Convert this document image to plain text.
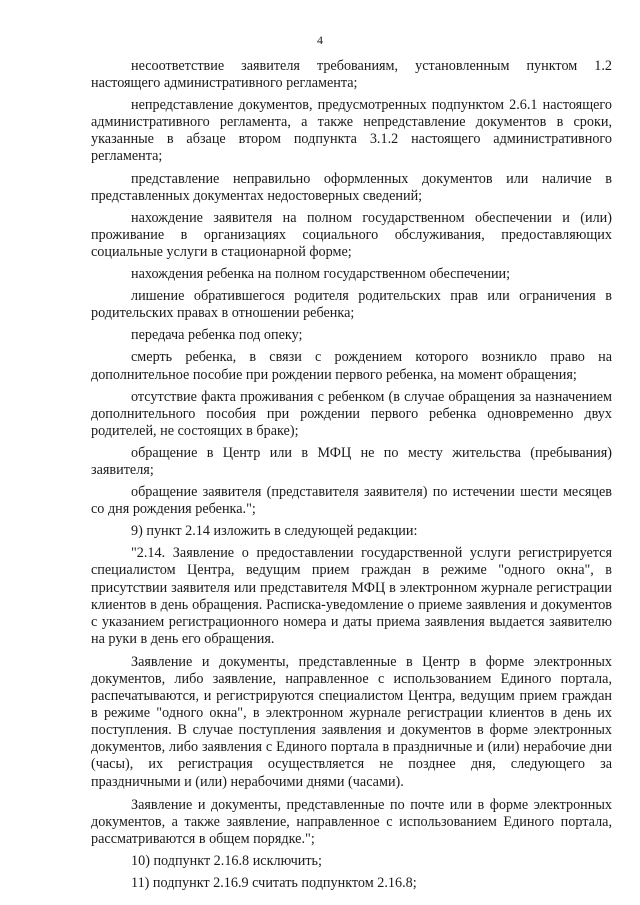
4

несоответствие заявителя требованиям, установленным пунктом 1.2 настоящего административного регламента;

непредставление документов, предусмотренных подпунктом 2.6.1 настоящего административного регламента, а также непредставление документов в сроки, указанные в абзаце втором подпункта 3.1.2 настоящего административного регламента;

представление неправильно оформленных документов или наличие в представленных документах недостоверных сведений;

нахождение заявителя на полном государственном обеспечении и (или) проживание в организациях социального обслуживания, предоставляющих социальные услуги в стационарной форме;

нахождения ребенка на полном государственном обеспечении;

лишение обратившегося родителя родительских прав или ограничения в родительских правах в отношении ребенка;

передача ребенка под опеку;

смерть ребенка, в связи с рождением которого возникло право на дополнительное пособие при рождении первого ребенка, на момент обращения;

отсутствие факта проживания с ребенком (в случае обращения за назначением дополнительного пособия при рождении первого ребенка одновременно двух родителей, не состоящих в браке);

обращение в Центр или в МФЦ не по месту жительства (пребывания) заявителя;

обращение заявителя (представителя заявителя) по истечении шести месяцев со дня рождения ребенка.";

9) пункт 2.14 изложить в следующей редакции:

"2.14. Заявление о предоставлении государственной услуги регистрируется специалистом Центра, ведущим прием граждан в режиме "одного окна", в присутствии заявителя или представителя МФЦ в электронном журнале регистрации клиентов в день обращения. Расписка-уведомление о приеме заявления и документов с указанием регистрационного номера и даты приема заявления выдается заявителю на руки в день его обращения.

Заявление и документы, представленные в Центр в форме электронных документов, либо заявление, направленное с использованием Единого портала, распечатываются, и регистрируются специалистом Центра, ведущим прием граждан в режиме "одного окна", в электронном журнале регистрации клиентов в день их поступления. В случае поступления заявления и документов в форме электронных документов, либо заявления с Единого портала в праздничные и (или) нерабочие дни (часы), их регистрация осуществляется не позднее дня, следующего за праздничными и (или) нерабочими днями (часами).

Заявление и документы, представленные по почте или в форме электронных документов, а также заявление, направленное с использованием Единого портала, рассматриваются в общем порядке.";

10) подпункт 2.16.8 исключить;

11) подпункт 2.16.9 считать подпунктом 2.16.8;
